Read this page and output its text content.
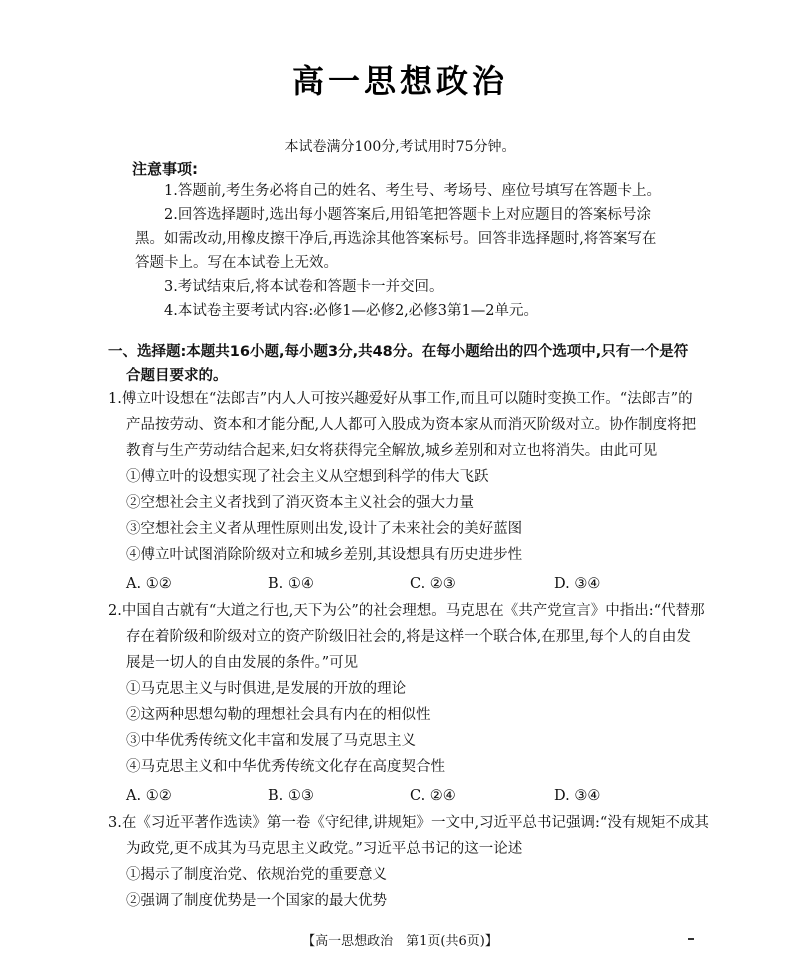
高一思想政治
本试卷满分100分,考试用时75分钟。
注意事项:
1.答题前,考生务必将自己的姓名、考生号、考场号、座位号填写在答题卡上。
2.回答选择题时,选出每小题答案后,用铅笔把答题卡上对应题目的答案标号涂
黑。如需改动,用橡皮擦干净后,再选涂其他答案标号。回答非选择题时,将答案写在
答题卡上。写在本试卷上无效。
3.考试结束后,将本试卷和答题卡一并交回。
4.本试卷主要考试内容:必修1—必修2,必修3第1—2单元。
一、选择题:本题共16小题,每小题3分,共48分。在每小题给出的四个选项中,只有一个是符
合题目要求的。
1.傅立叶设想在“法郎吉”内人人可按兴趣爱好从事工作,而且可以随时变换工作。“法郎吉”的
产品按劳动、资本和才能分配,人人都可入股成为资本家从而消灭阶级对立。协作制度将把
教育与生产劳动结合起来,妇女将获得完全解放,城乡差别和对立也将消失。由此可见
①傅立叶的设想实现了社会主义从空想到科学的伟大飞跃
②空想社会主义者找到了消灭资本主义社会的强大力量
③空想社会主义者从理性原则出发,设计了未来社会的美好蓝图
④傅立叶试图消除阶级对立和城乡差别,其设想具有历史进步性
A. ①②	B. ①④	C. ②③	D. ③④
2.中国自古就有“大道之行也,天下为公”的社会理想。马克思在《共产党宣言》中指出:“代替那
存在着阶级和阶级对立的资产阶级旧社会的,将是这样一个联合体,在那里,每个人的自由发
展是一切人的自由发展的条件。”可见
①马克思主义与时俱进,是发展的开放的理论
②这两种思想勾勒的理想社会具有内在的相似性
③中华优秀传统文化丰富和发展了马克思主义
④马克思主义和中华优秀传统文化存在高度契合性
A. ①②	B. ①③	C. ②④	D. ③④
3.在《习近平著作选读》第一卷《守纪律,讲规矩》一文中,习近平总书记强调:“没有规矩不成其
为政党,更不成其为马克思主义政党。”习近平总书记的这一论述
①揭示了制度治党、依规治党的重要意义
②强调了制度优势是一个国家的最大优势
【高一思想政治　第1页(共6页)】
